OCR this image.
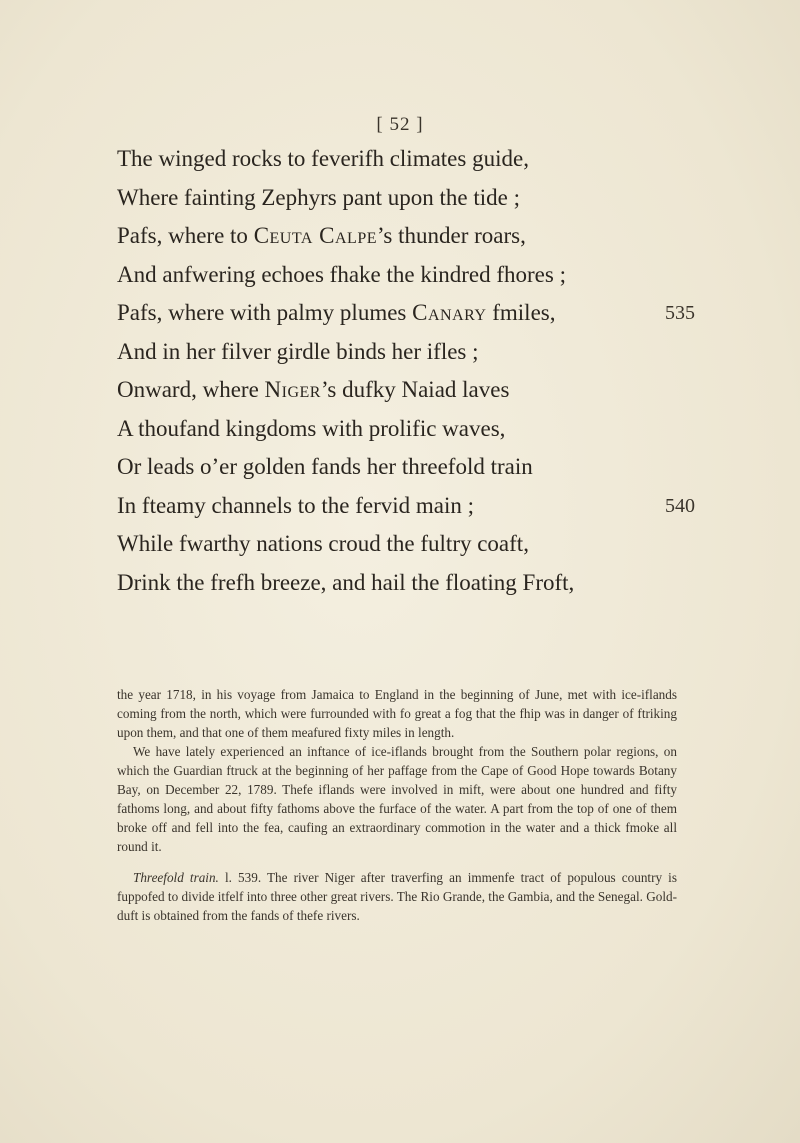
[ 52 ]
The winged rocks to feverifh climates guide,
Where fainting Zephyrs pant upon the tide ;
Pafs, where to Ceuta Calpe’s thunder roars,
And anfwering echoes fhake the kindred fhores ;
Pafs, where with palmy plumes Canary fmiles,	535
And in her filver girdle binds her ifles ;
Onward, where Niger’s dufky Naiad laves
A thoufand kingdoms with prolific waves,
Or leads o’er golden fands her threefold train
In fteamy channels to the fervid main ;	540
While fwarthy nations croud the fultry coaft,
Drink the frefh breeze, and hail the floating Froft,

the year 1718, in his voyage from Jamaica to England in the beginning of June, met with ice-iflands coming from the north, which were furrounded with fo great a fog that the fhip was in danger of ftriking upon them, and that one of them meafured fixty miles in length.

We have lately experienced an inftance of ice-iflands brought from the Southern polar regions, on which the Guardian ftruck at the beginning of her paffage from the Cape of Good Hope towards Botany Bay, on December 22, 1789. Thefe iflands were involved in mift, were about one hundred and fifty fathoms long, and about fifty fathoms above the furface of the water. A part from the top of one of them broke off and fell into the fea, caufing an extraordinary commotion in the water and a thick fmoke all round it.

Threefold train. l. 539. The river Niger after traverfing an immenfe tract of populous country is fuppofed to divide itfelf into three other great rivers. The Rio Grande, the Gambia, and the Senegal. Gold-duft is obtained from the fands of thefe rivers.
